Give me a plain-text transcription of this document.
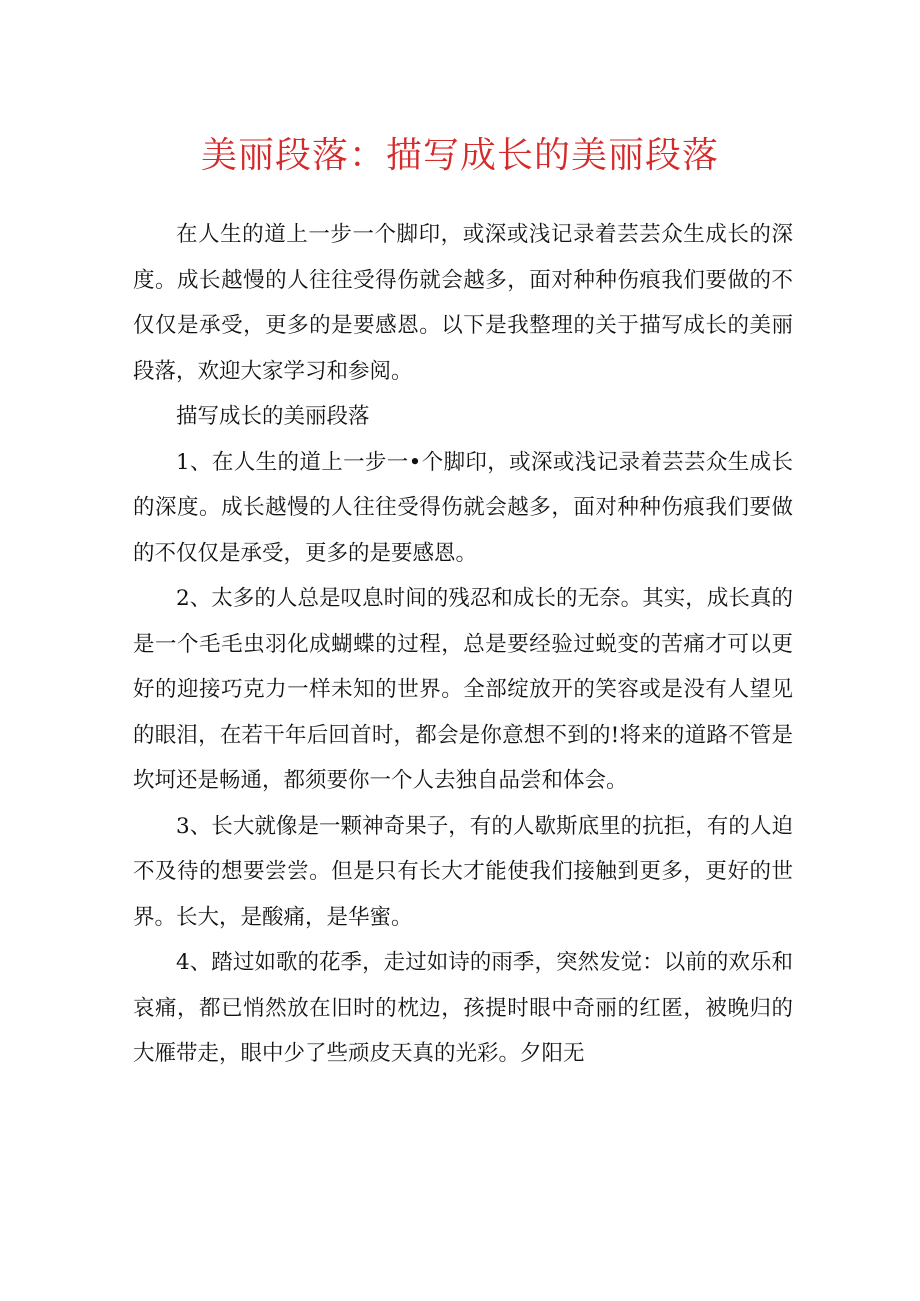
美丽段落：描写成长的美丽段落

在人生的道上一步一个脚印，或深或浅记录着芸芸众生成长的深度。成长越慢的人往往受得伤就会越多，面对种种伤痕我们要做的不仅仅是承受，更多的是要感恩。以下是我整理的关于描写成长的美丽段落，欢迎大家学习和参阅。

描写成长的美丽段落

1、在人生的道上一步一•个脚印，或深或浅记录着芸芸众生成长的深度。成长越慢的人往往受得伤就会越多，面对种种伤痕我们要做的不仅仅是承受，更多的是要感恩。

2、太多的人总是叹息时间的残忍和成长的无奈。其实，成长真的是一个毛毛虫羽化成蝴蝶的过程，总是要经验过蜕变的苦痛才可以更好的迎接巧克力一样未知的世界。全部绽放开的笑容或是没有人望见的眼泪，在若干年后回首时，都会是你意想不到的!将来的道路不管是坎坷还是畅通，都须要你一个人去独自品尝和体会。

3、长大就像是一颗神奇果子，有的人歇斯底里的抗拒，有的人迫不及待的想要尝尝。但是只有长大才能使我们接触到更多，更好的世界。长大，是酸痛，是华蜜。

4、踏过如歌的花季，走过如诗的雨季，突然发觉：以前的欢乐和哀痛，都已悄然放在旧时的枕边，孩提时眼中奇丽的红匿，被晚归的大雁带走，眼中少了些顽皮天真的光彩。夕阳无
